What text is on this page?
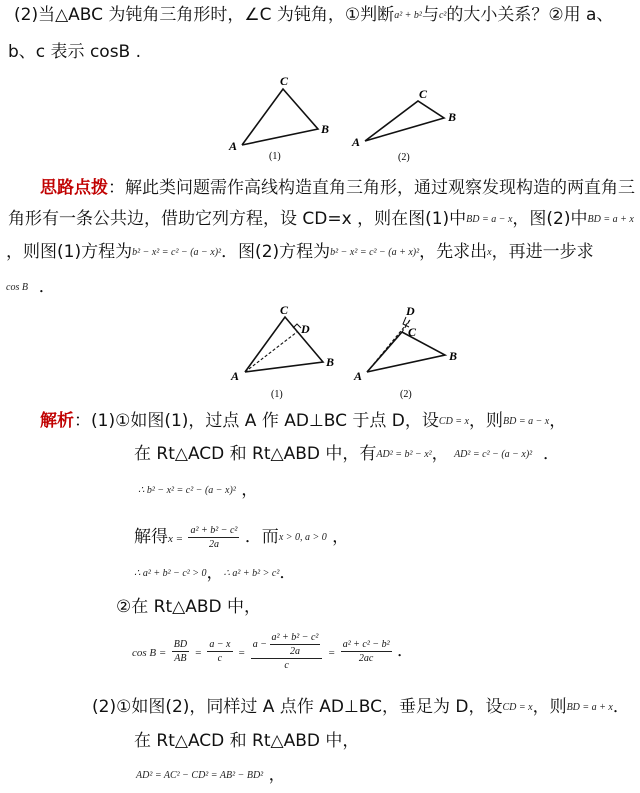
(2)当△ABC 为钝角三角形时，∠C 为钝角，①判断a² + b²与c²的大小关系？②用 a、
b、c 表示 cosB .
A
C
B
(1)
A
C
B
(2)
思路点拨：解此类问题需作高线构造直角三角形，通过观察发现构造的两直角三
角形有一条公共边，借助它列方程，设 CD=x ，则在图(1)中BD = a − x，图(2)中BD = a + x
，则图(1)方程为b² − x² = c² − (a − x)²．图(2)方程为b² − x² = c² − (a + x)²，先求出x，再进一步求
cos B ．
A
C
D
B
(1)
A
C
D
B
(2)
解析：(1)①如图(1)，过点 A 作 AD⊥BC 于点 D，设CD = x，则BD = a − x，
在 Rt△ACD 和 Rt△ABD 中，有AD² = b² − x²， AD² = c² − (a − x)² ．
∴ b² − x² = c² − (a − x)² ，
解得$x = \frac{\text{a² + b² − c²}}{2a}$ ．而x > 0, a > 0 ，
∴ a² + b² − c² > 0，∴ a² + b² > c²．
②在 Rt△ABD 中，
$\cos B = \frac{BD}{AB} = \frac{a - x}{c} = \frac{a - \frac{\text{a² + b² − c²}}{2a}}{c} = \frac{\text{a² + c² − b²}}{2ac}$ ．
(2)①如图(2)，同样过 A 点作 AD⊥BC，垂足为 D，设CD = x，则BD = a + x．
在 Rt△ACD 和 Rt△ABD 中，
AD² = AC² − CD² = AB² − BD² ，
